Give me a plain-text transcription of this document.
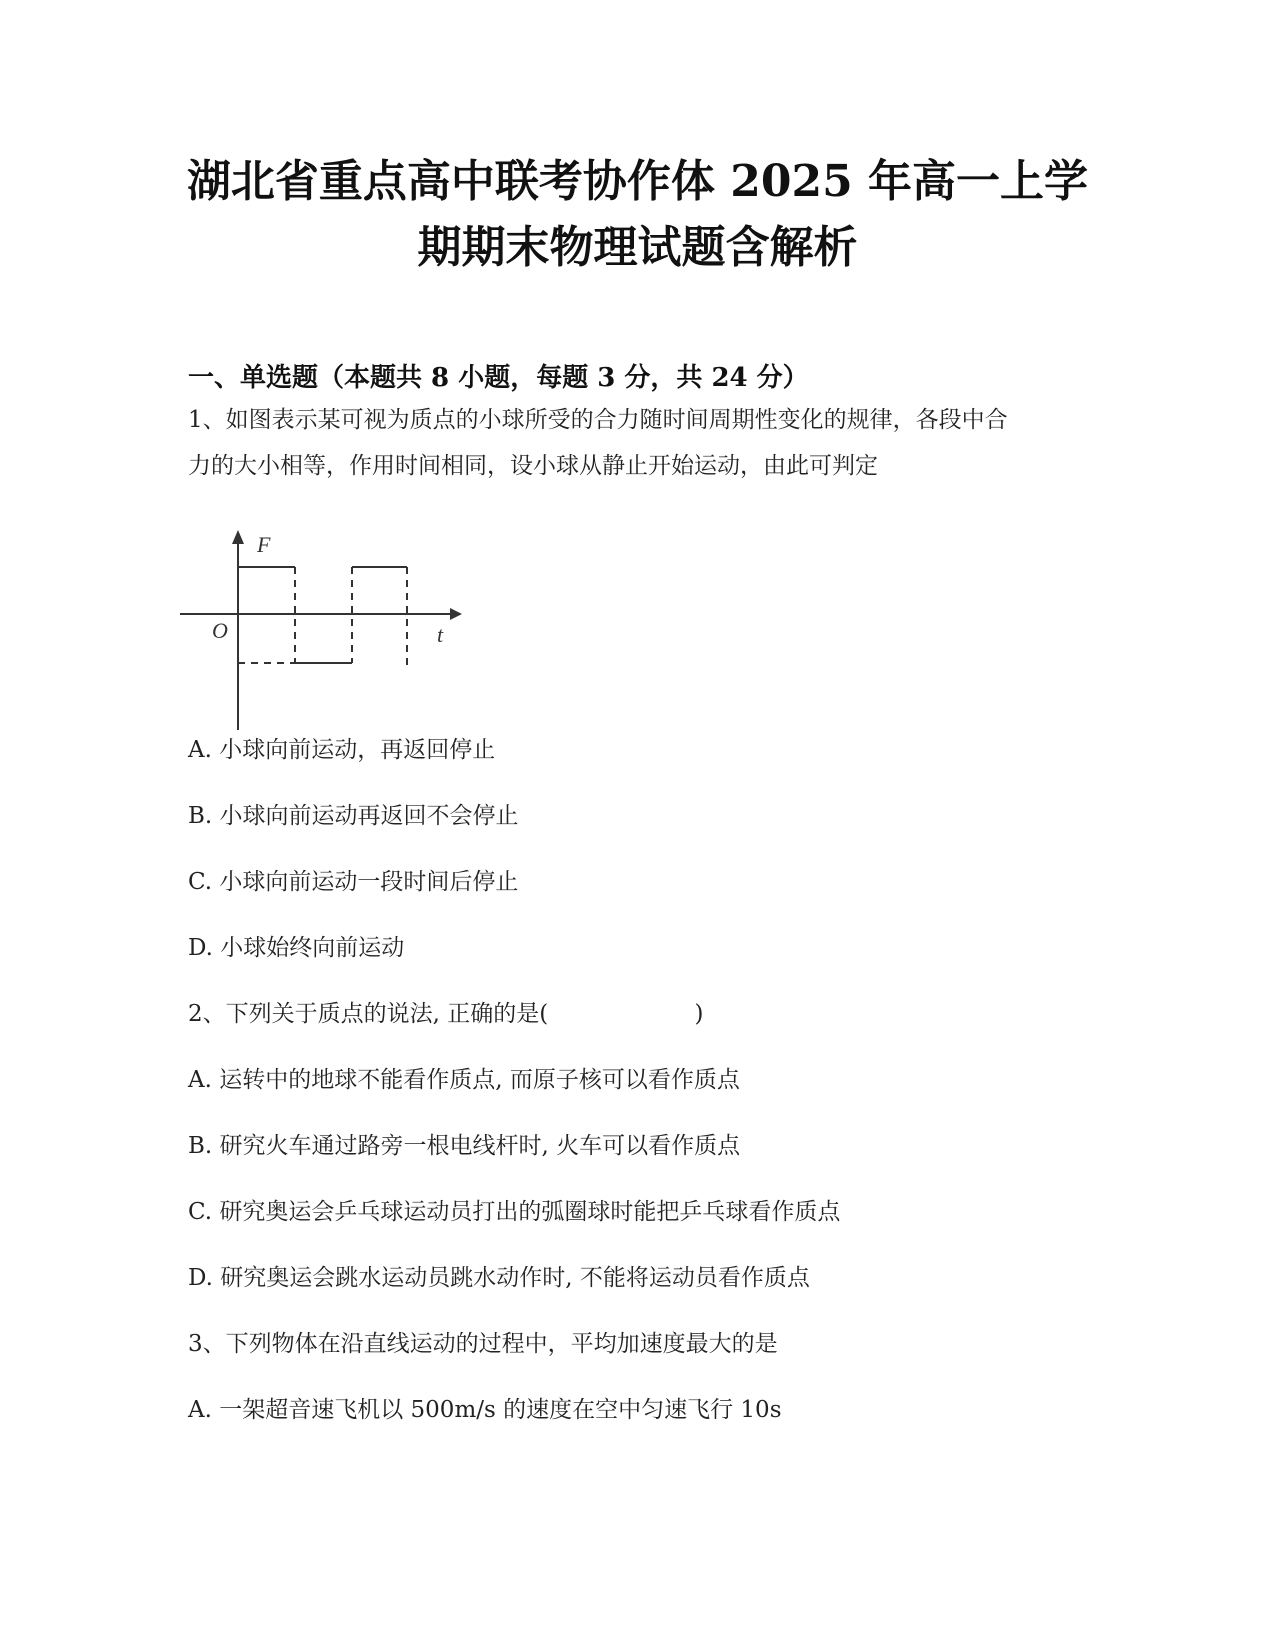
湖北省重点高中联考协作体 2025 年高一上学
期期末物理试题含解析
一、单选题（本题共 8 小题，每题 3 分，共 24 分）
1、如图表示某可视为质点的小球所受的合力随时间周期性变化的规律，各段中合
力的大小相等，作用时间相同，设小球从静止开始运动，由此可判定
F
t
O
A. 小球向前运动，再返回停止
B. 小球向前运动再返回不会停止
C. 小球向前运动一段时间后停止
D. 小球始终向前运动
2、下列关于质点的说法, 正确的是(                    )
A. 运转中的地球不能看作质点, 而原子核可以看作质点
B. 研究火车通过路旁一根电线杆时, 火车可以看作质点
C. 研究奥运会乒乓球运动员打出的弧圈球时能把乒乓球看作质点
D. 研究奥运会跳水运动员跳水动作时, 不能将运动员看作质点
3、下列物体在沿直线运动的过程中，平均加速度最大的是
A. 一架超音速飞机以 500m/s 的速度在空中匀速飞行 10s
